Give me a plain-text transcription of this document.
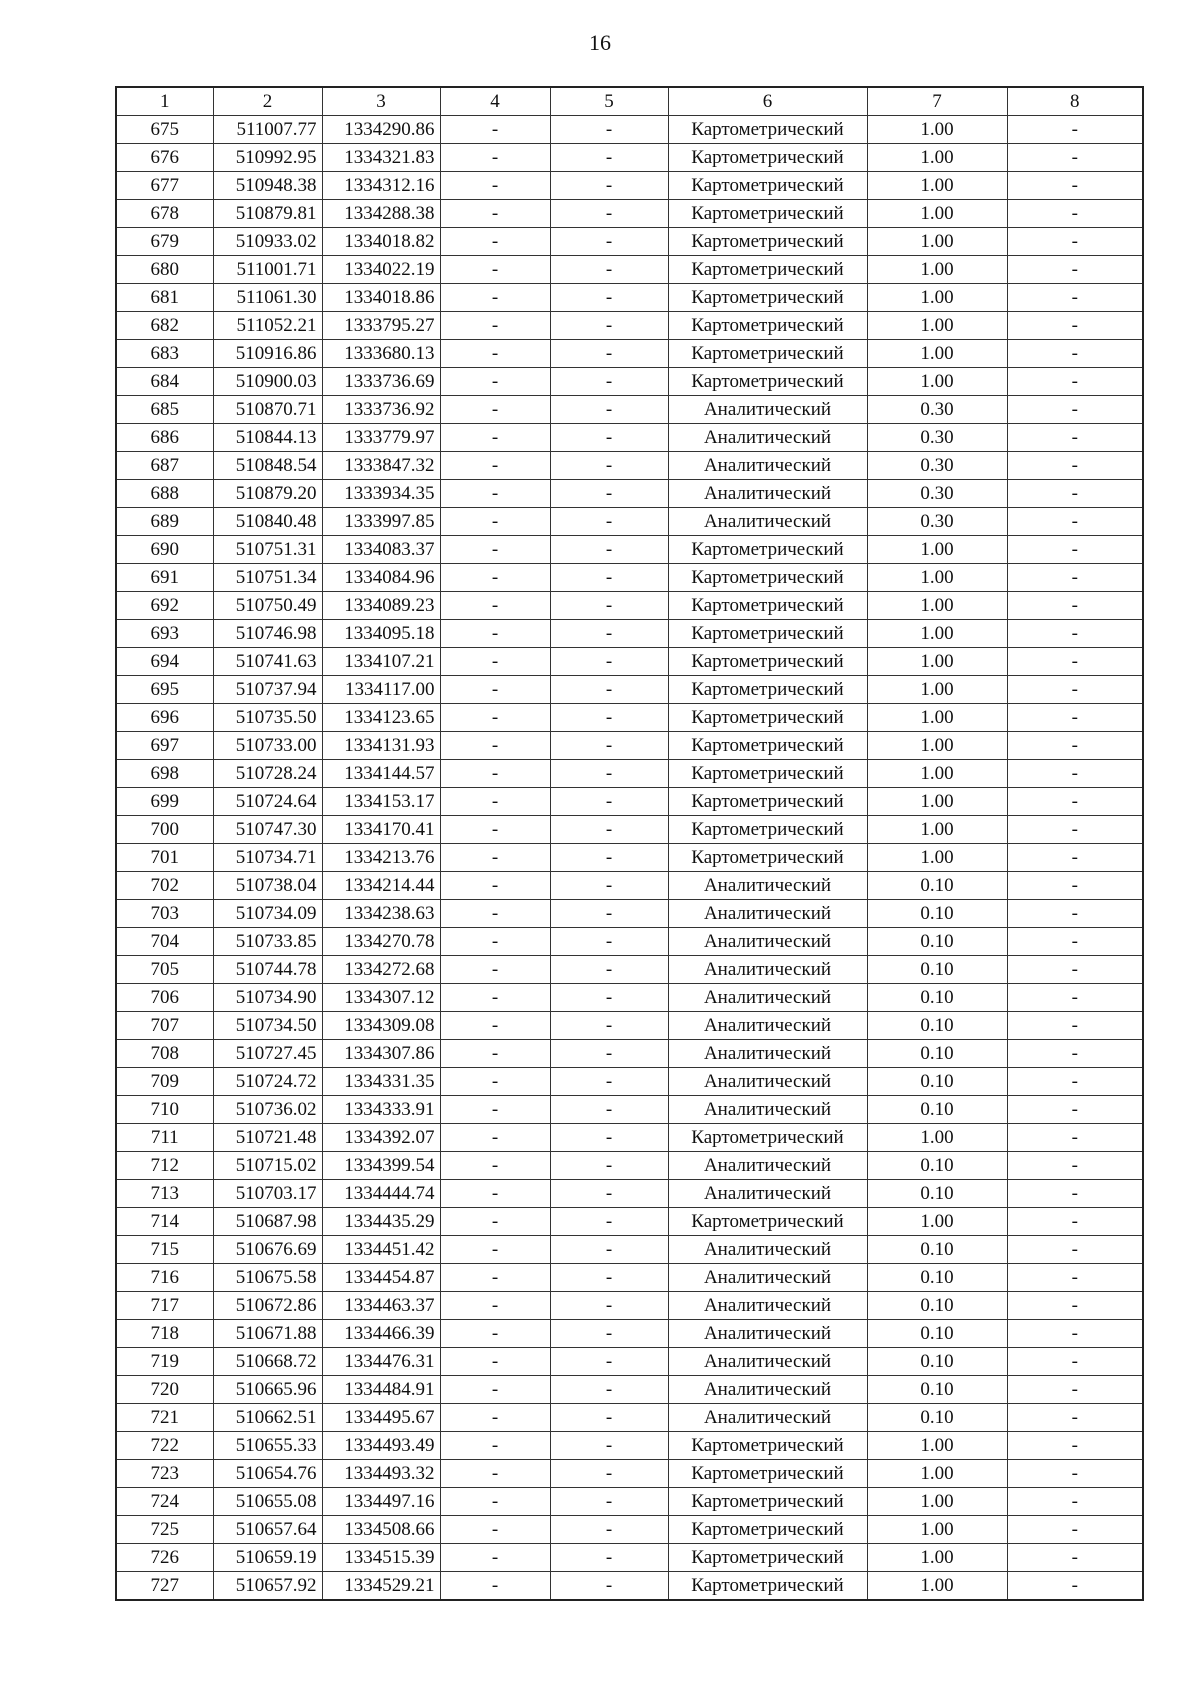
16
1	2	3	4	5	6	7	8
675	511007.77	1334290.86	-	-	Картометрический	1.00	-
676	510992.95	1334321.83	-	-	Картометрический	1.00	-
677	510948.38	1334312.16	-	-	Картометрический	1.00	-
678	510879.81	1334288.38	-	-	Картометрический	1.00	-
679	510933.02	1334018.82	-	-	Картометрический	1.00	-
680	511001.71	1334022.19	-	-	Картометрический	1.00	-
681	511061.30	1334018.86	-	-	Картометрический	1.00	-
682	511052.21	1333795.27	-	-	Картометрический	1.00	-
683	510916.86	1333680.13	-	-	Картометрический	1.00	-
684	510900.03	1333736.69	-	-	Картометрический	1.00	-
685	510870.71	1333736.92	-	-	Аналитический	0.30	-
686	510844.13	1333779.97	-	-	Аналитический	0.30	-
687	510848.54	1333847.32	-	-	Аналитический	0.30	-
688	510879.20	1333934.35	-	-	Аналитический	0.30	-
689	510840.48	1333997.85	-	-	Аналитический	0.30	-
690	510751.31	1334083.37	-	-	Картометрический	1.00	-
691	510751.34	1334084.96	-	-	Картометрический	1.00	-
692	510750.49	1334089.23	-	-	Картометрический	1.00	-
693	510746.98	1334095.18	-	-	Картометрический	1.00	-
694	510741.63	1334107.21	-	-	Картометрический	1.00	-
695	510737.94	1334117.00	-	-	Картометрический	1.00	-
696	510735.50	1334123.65	-	-	Картометрический	1.00	-
697	510733.00	1334131.93	-	-	Картометрический	1.00	-
698	510728.24	1334144.57	-	-	Картометрический	1.00	-
699	510724.64	1334153.17	-	-	Картометрический	1.00	-
700	510747.30	1334170.41	-	-	Картометрический	1.00	-
701	510734.71	1334213.76	-	-	Картометрический	1.00	-
702	510738.04	1334214.44	-	-	Аналитический	0.10	-
703	510734.09	1334238.63	-	-	Аналитический	0.10	-
704	510733.85	1334270.78	-	-	Аналитический	0.10	-
705	510744.78	1334272.68	-	-	Аналитический	0.10	-
706	510734.90	1334307.12	-	-	Аналитический	0.10	-
707	510734.50	1334309.08	-	-	Аналитический	0.10	-
708	510727.45	1334307.86	-	-	Аналитический	0.10	-
709	510724.72	1334331.35	-	-	Аналитический	0.10	-
710	510736.02	1334333.91	-	-	Аналитический	0.10	-
711	510721.48	1334392.07	-	-	Картометрический	1.00	-
712	510715.02	1334399.54	-	-	Аналитический	0.10	-
713	510703.17	1334444.74	-	-	Аналитический	0.10	-
714	510687.98	1334435.29	-	-	Картометрический	1.00	-
715	510676.69	1334451.42	-	-	Аналитический	0.10	-
716	510675.58	1334454.87	-	-	Аналитический	0.10	-
717	510672.86	1334463.37	-	-	Аналитический	0.10	-
718	510671.88	1334466.39	-	-	Аналитический	0.10	-
719	510668.72	1334476.31	-	-	Аналитический	0.10	-
720	510665.96	1334484.91	-	-	Аналитический	0.10	-
721	510662.51	1334495.67	-	-	Аналитический	0.10	-
722	510655.33	1334493.49	-	-	Картометрический	1.00	-
723	510654.76	1334493.32	-	-	Картометрический	1.00	-
724	510655.08	1334497.16	-	-	Картометрический	1.00	-
725	510657.64	1334508.66	-	-	Картометрический	1.00	-
726	510659.19	1334515.39	-	-	Картометрический	1.00	-
727	510657.92	1334529.21	-	-	Картометрический	1.00	-
